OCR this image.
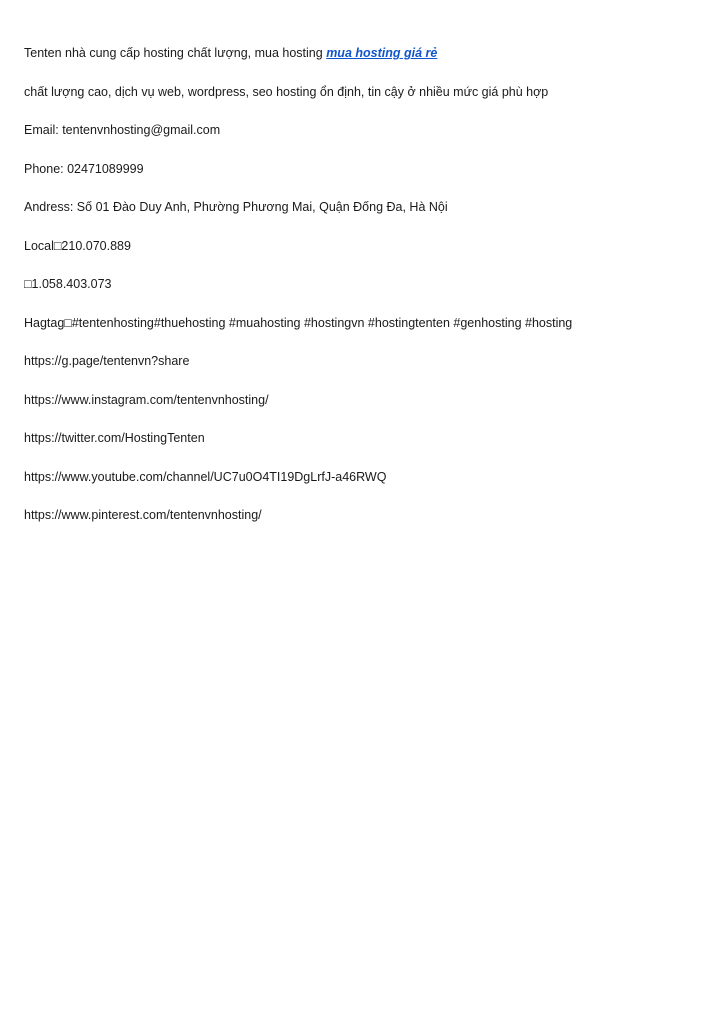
Tenten nhà cung cấp hosting chất lượng, mua hosting mua hosting giá rẻ
chất lượng cao, dịch vụ web, wordpress, seo hosting ổn định, tin cậy ở nhiều mức giá phù hợp
Email: tentenvnhosting@gmail.com
Phone: 02471089999
Andress: Số 01 Đào Duy Anh, Phường Phương Mai, Quận Đống Đa, Hà Nội
Local□210.070.889
□1.058.403.073
Hagtag□#tentenhosting#thuehosting #muahosting #hostingvn #hostingtenten #genhosting #hosting
https://g.page/tentenvn?share
https://www.instagram.com/tentenvnhosting/
https://twitter.com/HostingTenten
https://www.youtube.com/channel/UC7u0O4TI19DgLrfJ-a46RWQ
https://www.pinterest.com/tentenvnhosting/
